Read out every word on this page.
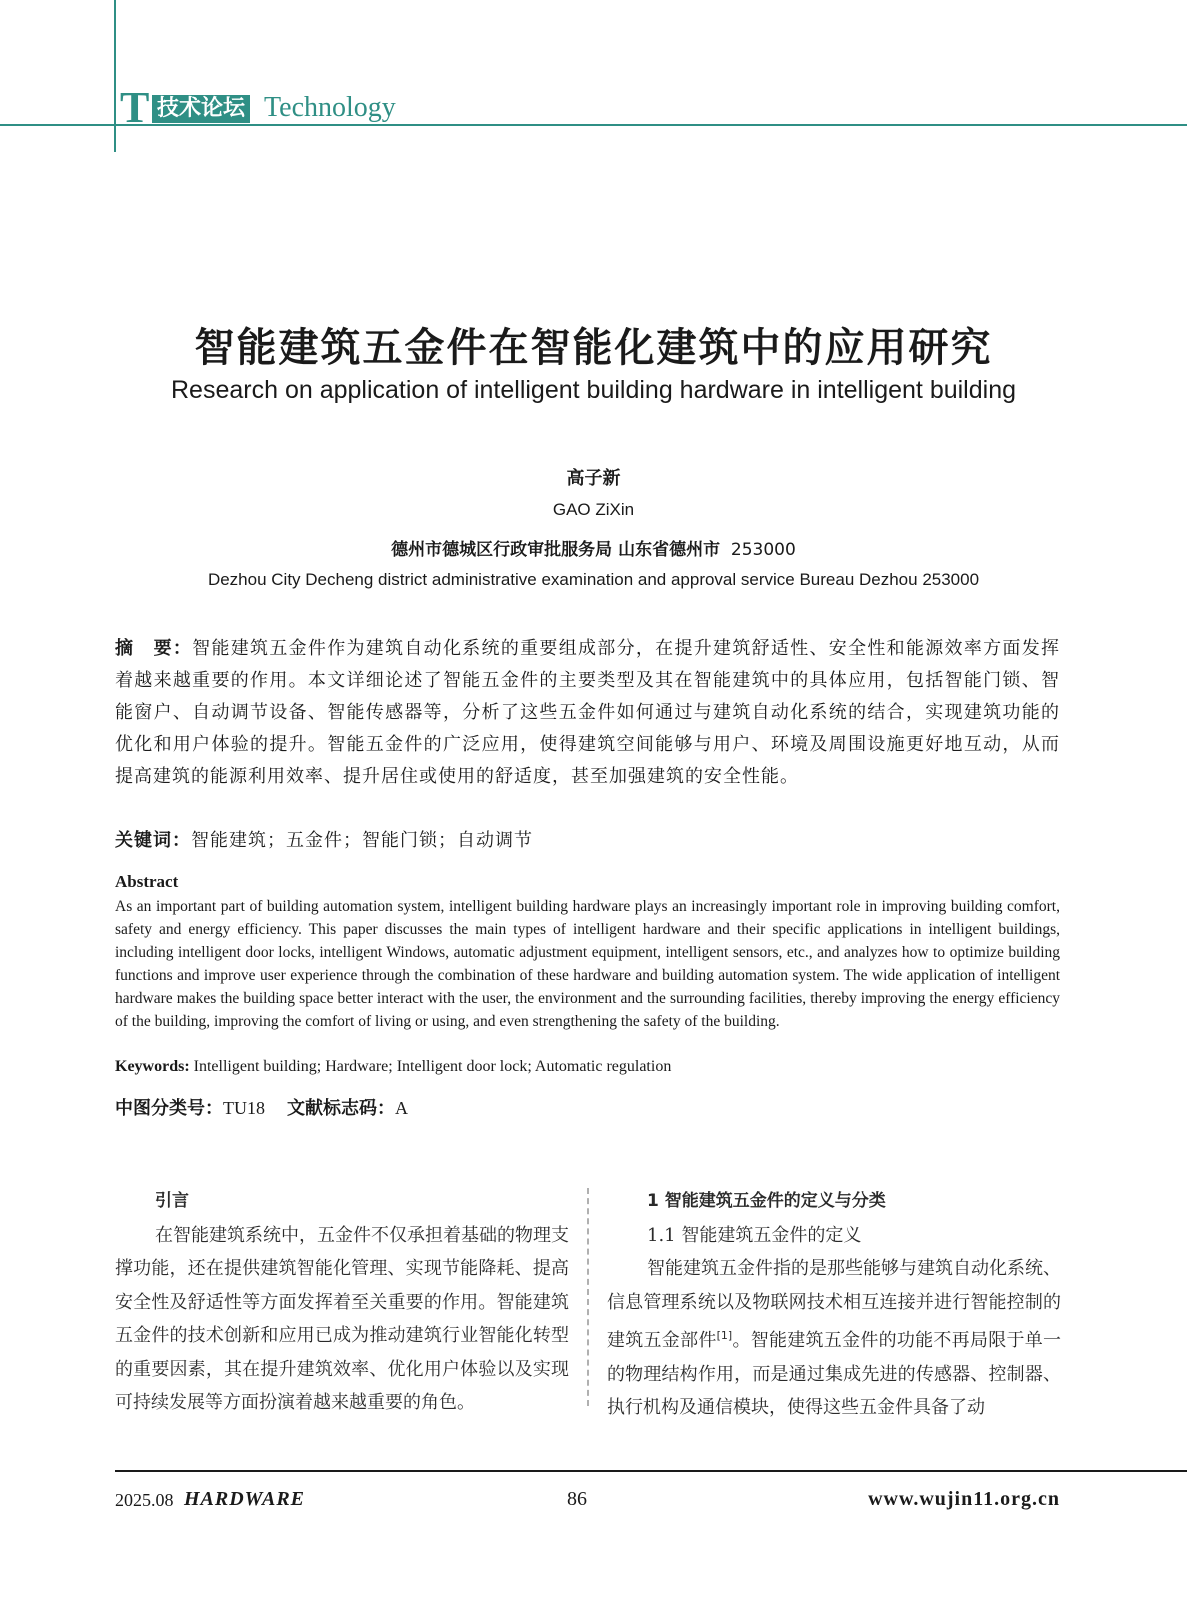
T 技术论坛 Technology
智能建筑五金件在智能化建筑中的应用研究
Research on application of intelligent building hardware in intelligent building
高子新
GAO ZiXin
德州市德城区行政审批服务局 山东省德州市 253000
Dezhou City Decheng district administrative examination and approval service Bureau Dezhou 253000
摘　要：智能建筑五金件作为建筑自动化系统的重要组成部分，在提升建筑舒适性、安全性和能源效率方面发挥着越来越重要的作用。本文详细论述了智能五金件的主要类型及其在智能建筑中的具体应用，包括智能门锁、智能窗户、自动调节设备、智能传感器等，分析了这些五金件如何通过与建筑自动化系统的结合，实现建筑功能的优化和用户体验的提升。智能五金件的广泛应用，使得建筑空间能够与用户、环境及周围设施更好地互动，从而提高建筑的能源利用效率、提升居住或使用的舒适度，甚至加强建筑的安全性能。
关键词：智能建筑；五金件；智能门锁；自动调节
Abstract
As an important part of building automation system, intelligent building hardware plays an increasingly important role in improving building comfort, safety and energy efficiency. This paper discusses the main types of intelligent hardware and their specific applications in intelligent buildings, including intelligent door locks, intelligent Windows, automatic adjustment equipment, intelligent sensors, etc., and analyzes how to optimize building functions and improve user experience through the combination of these hardware and building automation system. The wide application of intelligent hardware makes the building space better interact with the user, the environment and the surrounding facilities, thereby improving the energy efficiency of the building, improving the comfort of living or using, and even strengthening the safety of the building.
Keywords: Intelligent building; Hardware; Intelligent door lock; Automatic regulation
中图分类号：TU18 文献标志码：A
引言

在智能建筑系统中，五金件不仅承担着基础的物理支撑功能，还在提供建筑智能化管理、实现节能降耗、提高安全性及舒适性等方面发挥着至关重要的作用。智能建筑五金件的技术创新和应用已成为推动建筑行业智能化转型的重要因素，其在提升建筑效率、优化用户体验以及实现可持续发展等方面扮演着越来越重要的角色。

1 智能建筑五金件的定义与分类
1.1 智能建筑五金件的定义

智能建筑五金件指的是那些能够与建筑自动化系统、信息管理系统以及物联网技术相互连接并进行智能控制的建筑五金部件[1]。智能建筑五金件的功能不再局限于单一的物理结构作用，而是通过集成先进的传感器、控制器、执行机构及通信模块，使得这些五金件具备了动

2025.08 HARDWARE	86	www.wujin11.org.cn
